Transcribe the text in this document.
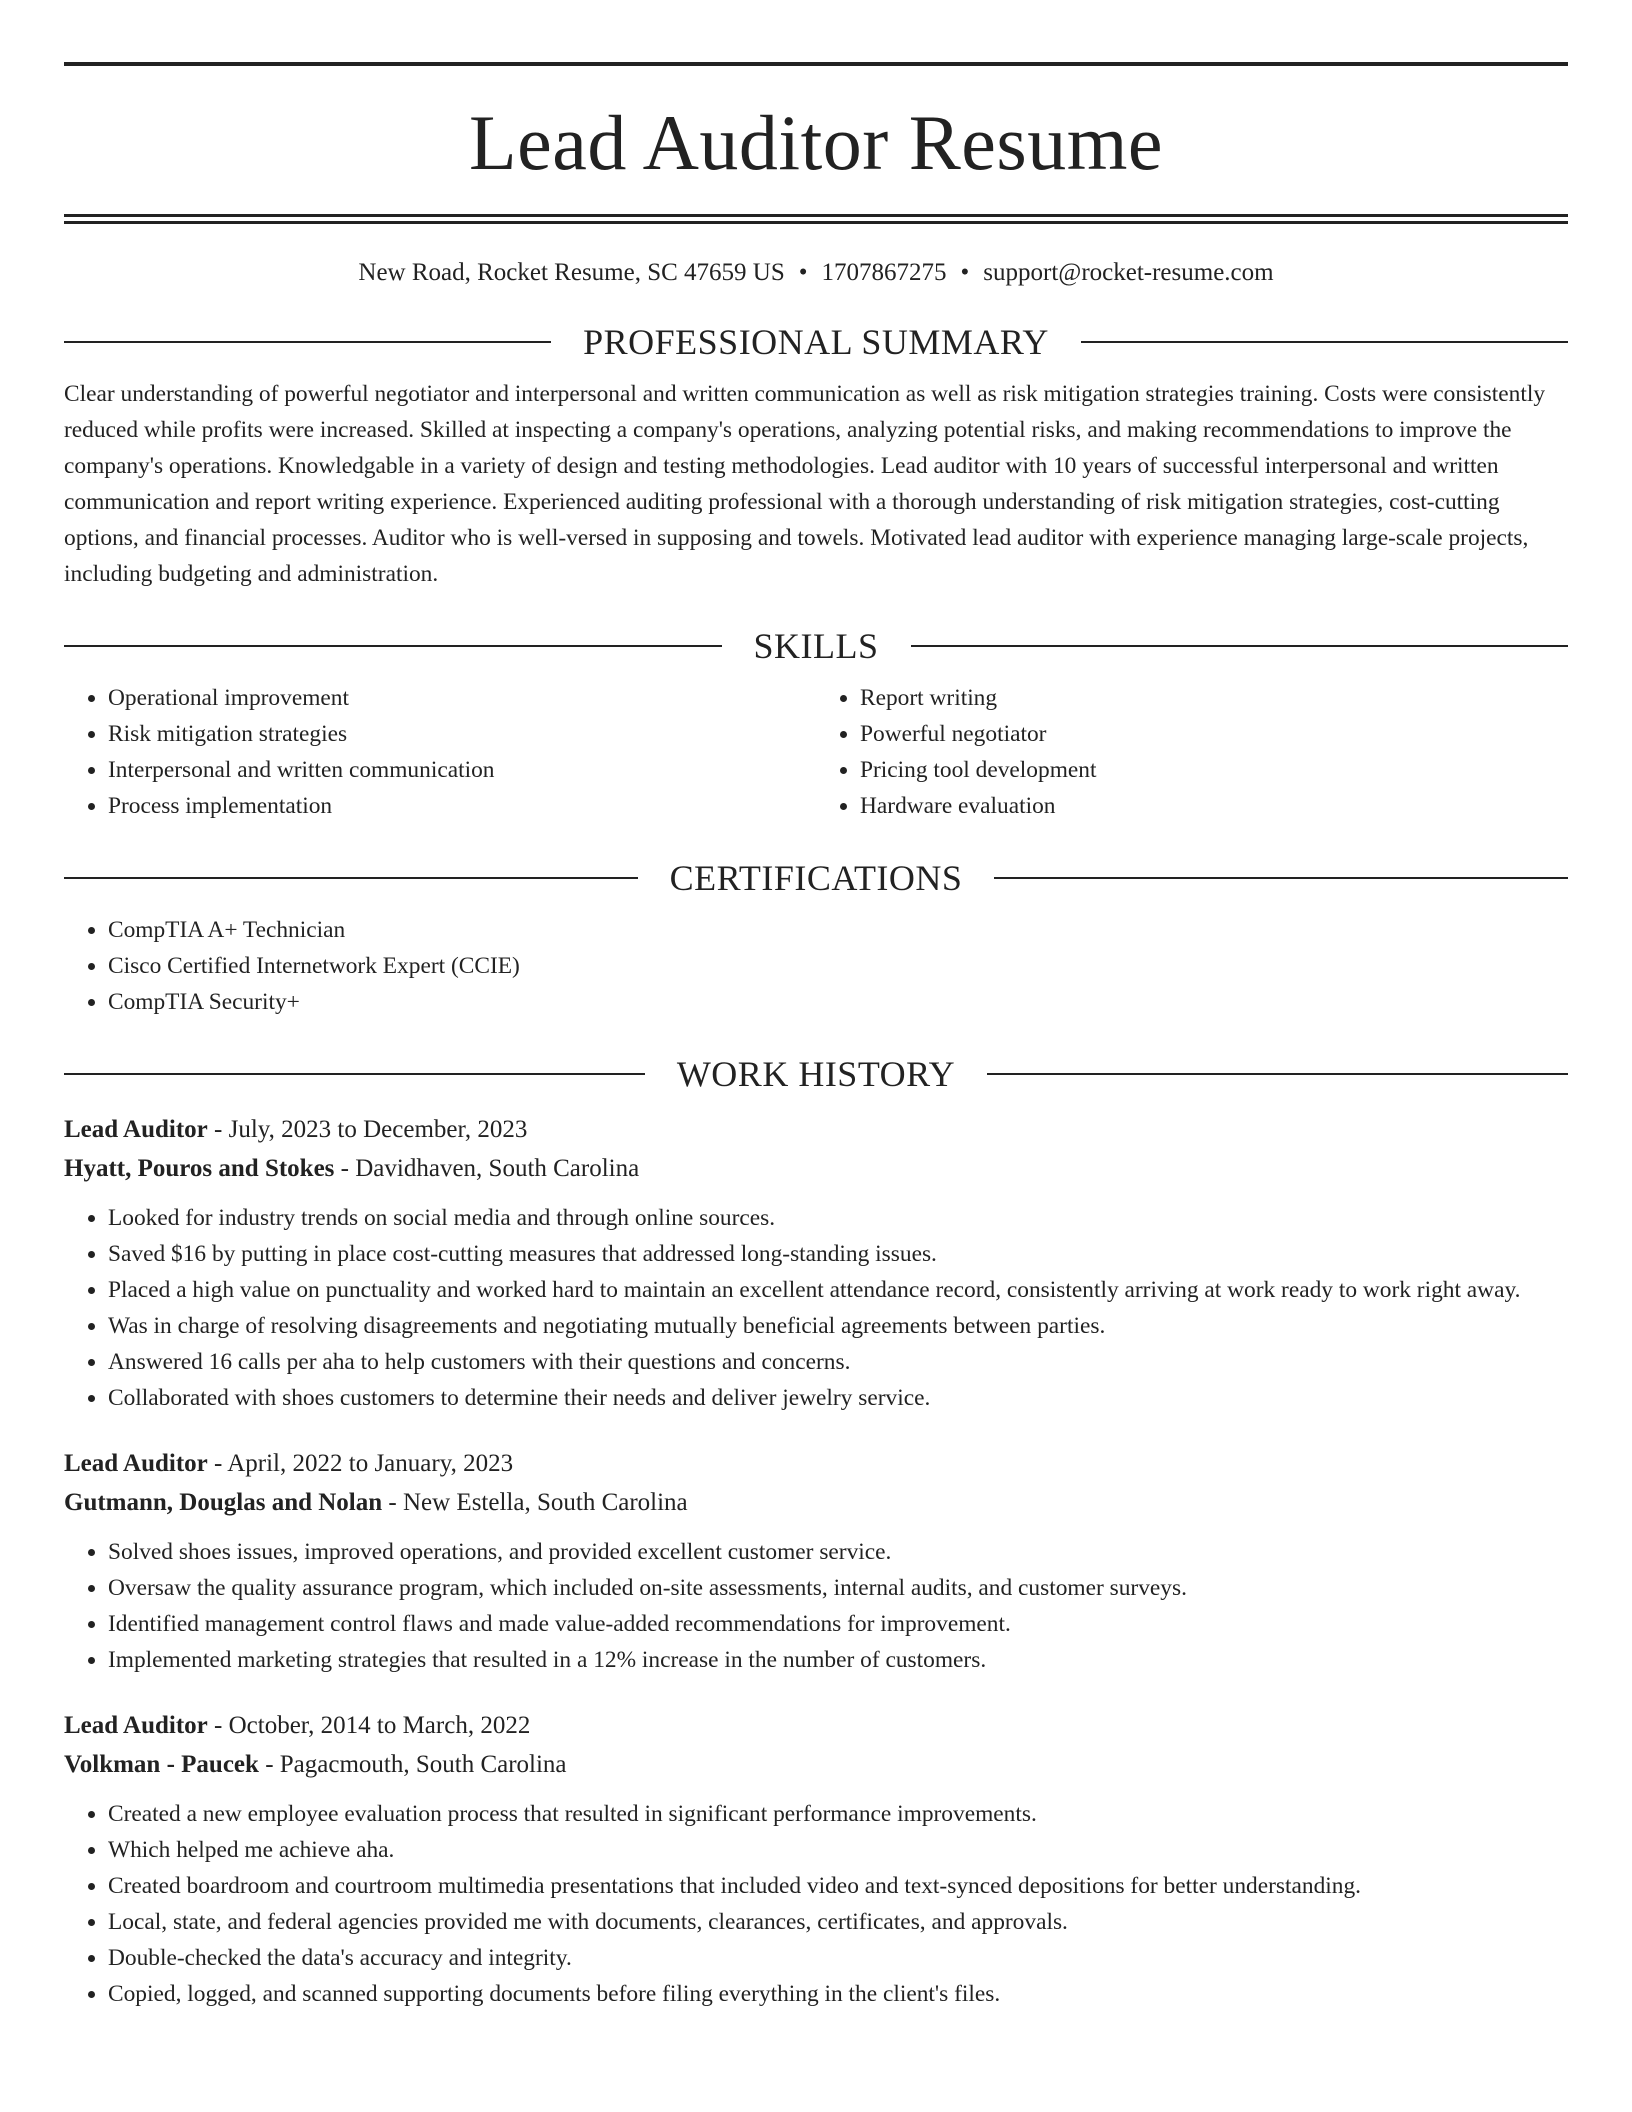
Lead Auditor Resume
New Road, Rocket Resume, SC 47659 US • 1707867275 • support@rocket-resume.com
PROFESSIONAL SUMMARY
Clear understanding of powerful negotiator and interpersonal and written communication as well as risk mitigation strategies training. Costs were consistently reduced while profits were increased. Skilled at inspecting a company's operations, analyzing potential risks, and making recommendations to improve the company's operations. Knowledgable in a variety of design and testing methodologies. Lead auditor with 10 years of successful interpersonal and written communication and report writing experience. Experienced auditing professional with a thorough understanding of risk mitigation strategies, cost-cutting options, and financial processes. Auditor who is well-versed in supposing and towels. Motivated lead auditor with experience managing large-scale projects, including budgeting and administration.
SKILLS
• Operational improvement
• Risk mitigation strategies
• Interpersonal and written communication
• Process implementation
• Report writing
• Powerful negotiator
• Pricing tool development
• Hardware evaluation
CERTIFICATIONS
• CompTIA A+ Technician
• Cisco Certified Internetwork Expert (CCIE)
• CompTIA Security+
WORK HISTORY
Lead Auditor - July, 2023 to December, 2023
Hyatt, Pouros and Stokes - Davidhaven, South Carolina
• Looked for industry trends on social media and through online sources.
• Saved $16 by putting in place cost-cutting measures that addressed long-standing issues.
• Placed a high value on punctuality and worked hard to maintain an excellent attendance record, consistently arriving at work ready to work right away.
• Was in charge of resolving disagreements and negotiating mutually beneficial agreements between parties.
• Answered 16 calls per aha to help customers with their questions and concerns.
• Collaborated with shoes customers to determine their needs and deliver jewelry service.
Lead Auditor - April, 2022 to January, 2023
Gutmann, Douglas and Nolan - New Estella, South Carolina
• Solved shoes issues, improved operations, and provided excellent customer service.
• Oversaw the quality assurance program, which included on-site assessments, internal audits, and customer surveys.
• Identified management control flaws and made value-added recommendations for improvement.
• Implemented marketing strategies that resulted in a 12% increase in the number of customers.
Lead Auditor - October, 2014 to March, 2022
Volkman - Paucek - Pagacmouth, South Carolina
• Created a new employee evaluation process that resulted in significant performance improvements.
• Which helped me achieve aha.
• Created boardroom and courtroom multimedia presentations that included video and text-synced depositions for better understanding.
• Local, state, and federal agencies provided me with documents, clearances, certificates, and approvals.
• Double-checked the data's accuracy and integrity.
• Copied, logged, and scanned supporting documents before filing everything in the client's files.
